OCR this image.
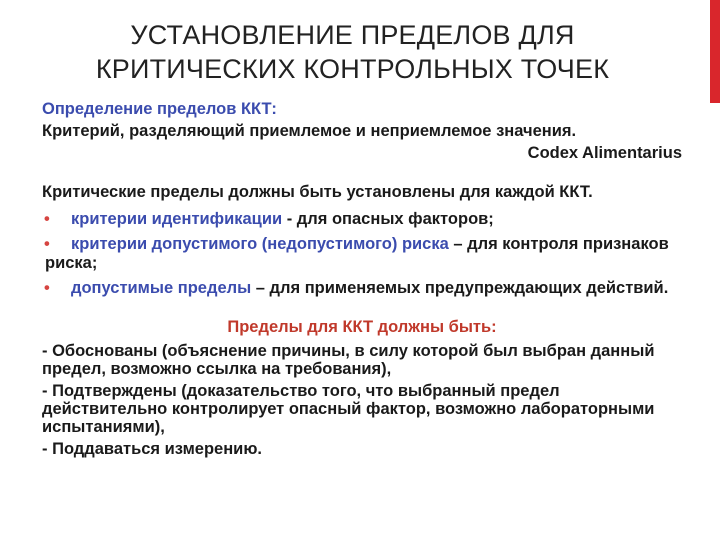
УСТАНОВЛЕНИЕ ПРЕДЕЛОВ ДЛЯ
КРИТИЧЕСКИХ КОНТРОЛЬНЫХ ТОЧЕК
Определение пределов ККТ:
Критерий, разделяющий приемлемое и неприемлемое значения.
Codex Alimentarius
Критические пределы должны быть установлены для каждой ККТ.
•	критерии идентификации - для опасных факторов;
•	критерии допустимого (недопустимого) риска – для контроля признаков риска;
•	допустимые пределы – для применяемых предупреждающих действий.
Пределы для ККТ должны быть:
- Обоснованы (объяснение причины, в силу которой был выбран данный предел, возможно ссылка на требования),
- Подтверждены (доказательство того, что выбранный предел действительно контролирует опасный фактор, возможно лабораторными испытаниями),
- Поддаваться измерению.
